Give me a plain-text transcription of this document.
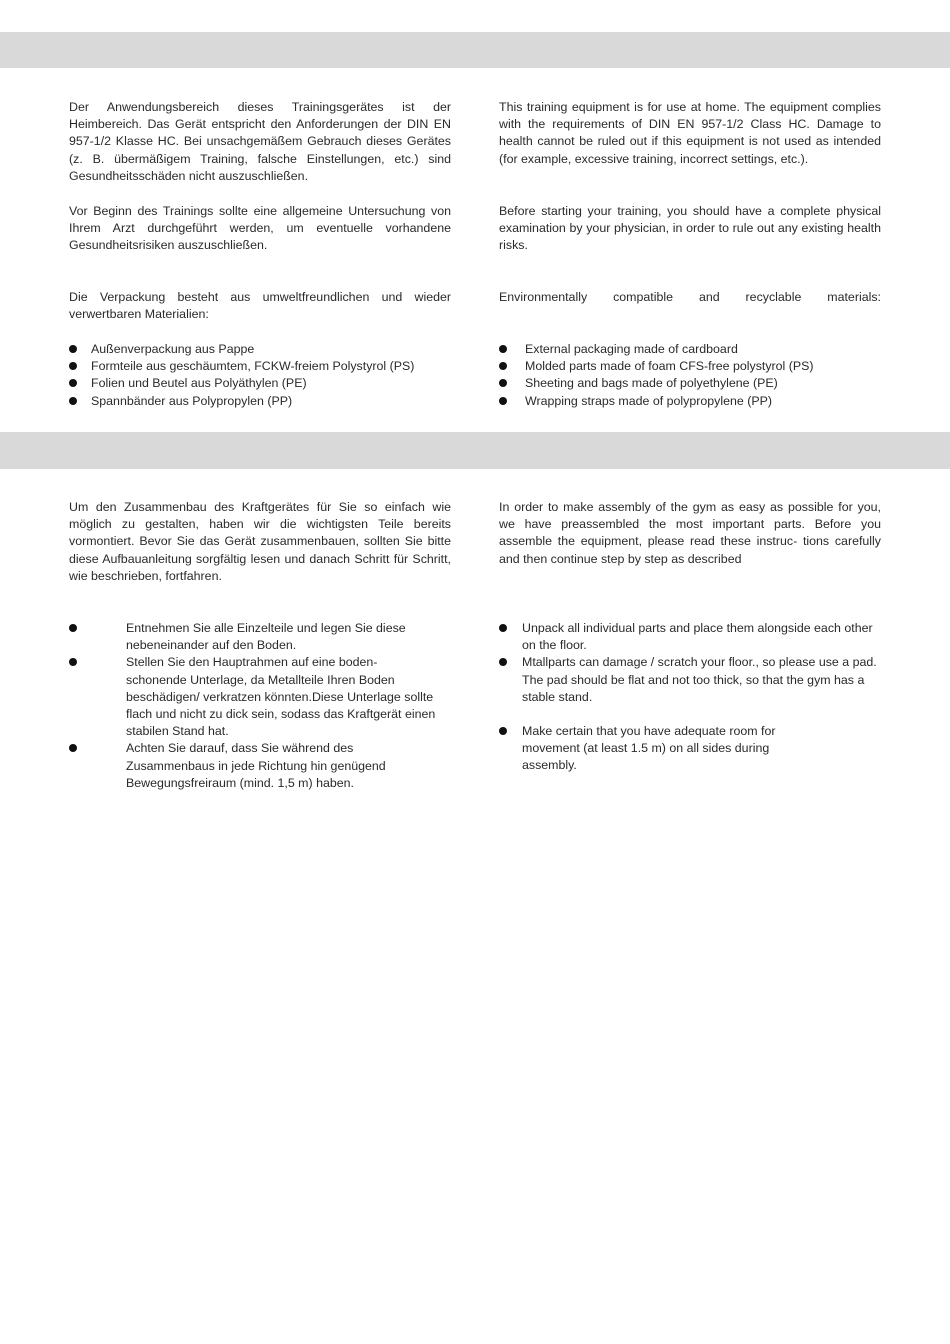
Der Anwendungsbereich dieses Trainingsgerätes ist der Heimbereich. Das Gerät entspricht den Anforderungen der DIN EN 957-1/2 Klasse HC. Bei unsachgemäßem Gebrauch dieses Gerätes (z. B. übermäßigem Training, falsche Einstellungen, etc.) sind Gesundheitsschäden nicht auszuschließen.

Vor Beginn des Trainings sollte eine allgemeine Untersuchung von Ihrem Arzt durchgeführt werden, um eventuelle vorhandene Gesundheitsrisiken auszuschließen.

Die Verpackung besteht aus umweltfreundlichen und wieder verwertbaren Materialien:

Außenverpackung aus Pappe
Formteile aus geschäumtem, FCKW-freiem Polystyrol (PS)
Folien und Beutel aus Polyäthylen (PE)
Spannbänder aus Polypropylen (PP)

This training equipment is for use at home. The equipment complies with the requirements of DIN EN 957-1/2 Class HC. Damage to health cannot be ruled out if this equipment is not used as intended (for example, excessive training, incorrect settings, etc.).

Before starting your training, you should have a complete physical examination by your physician, in order to rule out any existing health risks.

Environmentally compatible and recyclable materials:

External packaging made of cardboard
Molded parts made of foam CFS-free polystyrol (PS)
Sheeting and bags made of polyethylene (PE)
Wrapping straps made of polypropylene (PP)

Um den Zusammenbau des Kraftgerätes für Sie so einfach wie möglich zu gestalten, haben wir die wichtigsten Teile bereits vormontiert. Bevor Sie das Gerät zusammenbauen, sollten Sie bitte diese Aufbauanleitung sorgfältig lesen und danach Schritt für Schritt, wie beschrieben, fortfahren.

Entnehmen Sie alle Einzelteile und legen Sie diese nebeneinander auf den Boden.
Stellen Sie den Hauptrahmen auf eine boden- schonende Unterlage, da Metallteile Ihren Boden beschädigen/ verkratzen könnten.Diese Unterlage sollte flach und nicht zu dick sein, sodass das Kraftgerät einen stabilen Stand hat.
Achten Sie darauf, dass Sie während des Zusammenbaus in jede Richtung hin genügend Bewegungsfreiraum (mind. 1,5 m) haben.

In order to make assembly of the gym as easy as possible for you, we have preassembled the most important parts. Before you assemble the equipment, please read these instruc- tions carefully and then continue step by step as described

Unpack all individual parts and place them alongside each other on the floor.
Mtallparts can damage / scratch your floor., so please use a pad. The pad should be flat and not too thick, so that the gym has a stable stand.
Make certain that you have adequate room for movement (at least 1.5 m) on all sides during assembly.
